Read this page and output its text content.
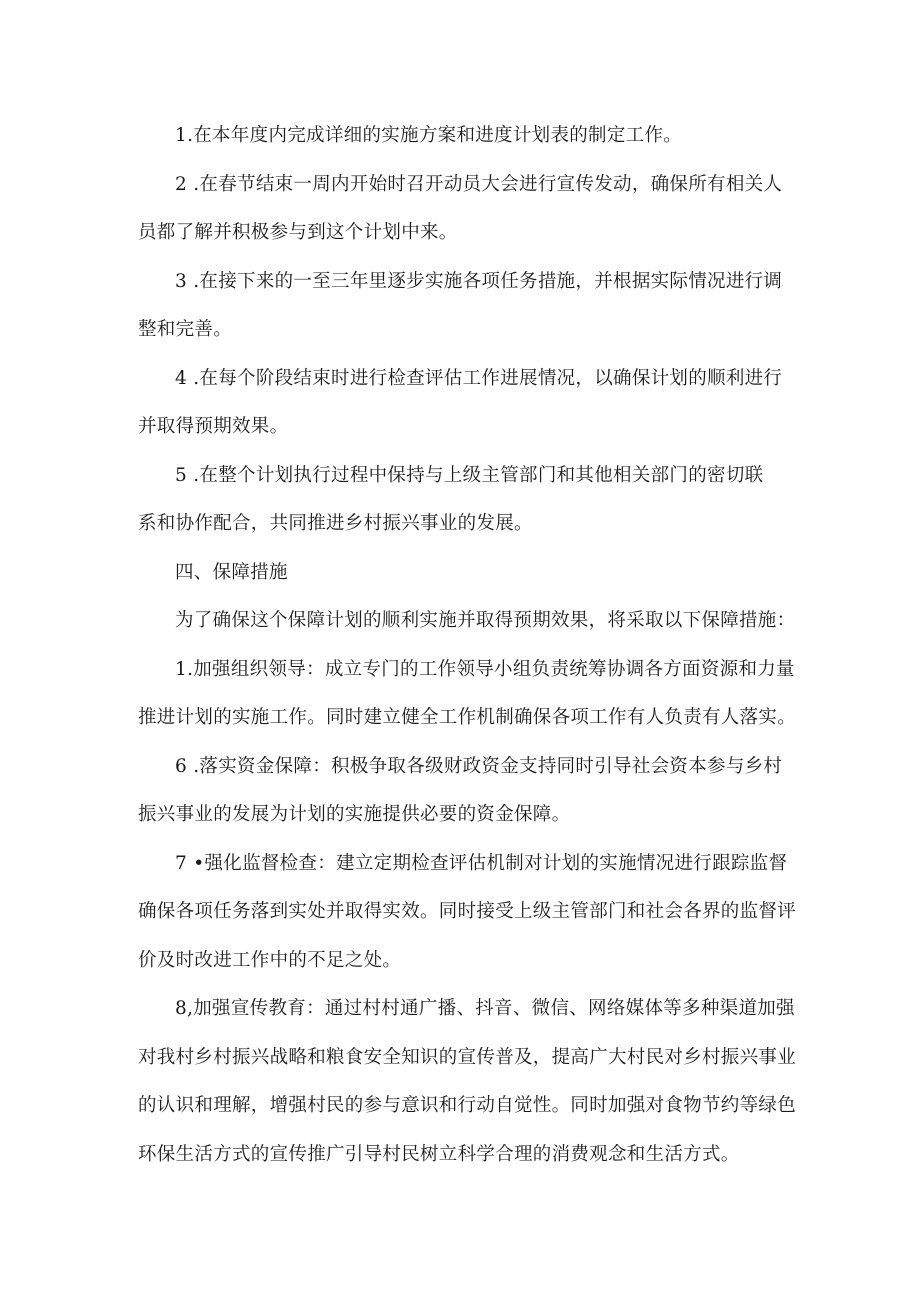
1.在本年度内完成详细的实施方案和进度计划表的制定工作。
2 .在春节结束一周内开始时召开动员大会进行宣传发动，确保所有相关人
员都了解并积极参与到这个计划中来。
3 .在接下来的一至三年里逐步实施各项任务措施，并根据实际情况进行调
整和完善。
4 .在每个阶段结束时进行检查评估工作进展情况，以确保计划的顺利进行
并取得预期效果。
5 .在整个计划执行过程中保持与上级主管部门和其他相关部门的密切联
系和协作配合，共同推进乡村振兴事业的发展。
四、保障措施
为了确保这个保障计划的顺利实施并取得预期效果，将采取以下保障措施：
1.加强组织领导：成立专门的工作领导小组负责统筹协调各方面资源和力量
推进计划的实施工作。同时建立健全工作机制确保各项工作有人负责有人落实。
6 .落实资金保障：积极争取各级财政资金支持同时引导社会资本参与乡村
振兴事业的发展为计划的实施提供必要的资金保障。
7 •强化监督检查：建立定期检查评估机制对计划的实施情况进行跟踪监督
确保各项任务落到实处并取得实效。同时接受上级主管部门和社会各界的监督评
价及时改进工作中的不足之处。
8,加强宣传教育：通过村村通广播、抖音、微信、网络媒体等多种渠道加强
对我村乡村振兴战略和粮食安全知识的宣传普及，提高广大村民对乡村振兴事业
的认识和理解，增强村民的参与意识和行动自觉性。同时加强对食物节约等绿色
环保生活方式的宣传推广引导村民树立科学合理的消费观念和生活方式。
